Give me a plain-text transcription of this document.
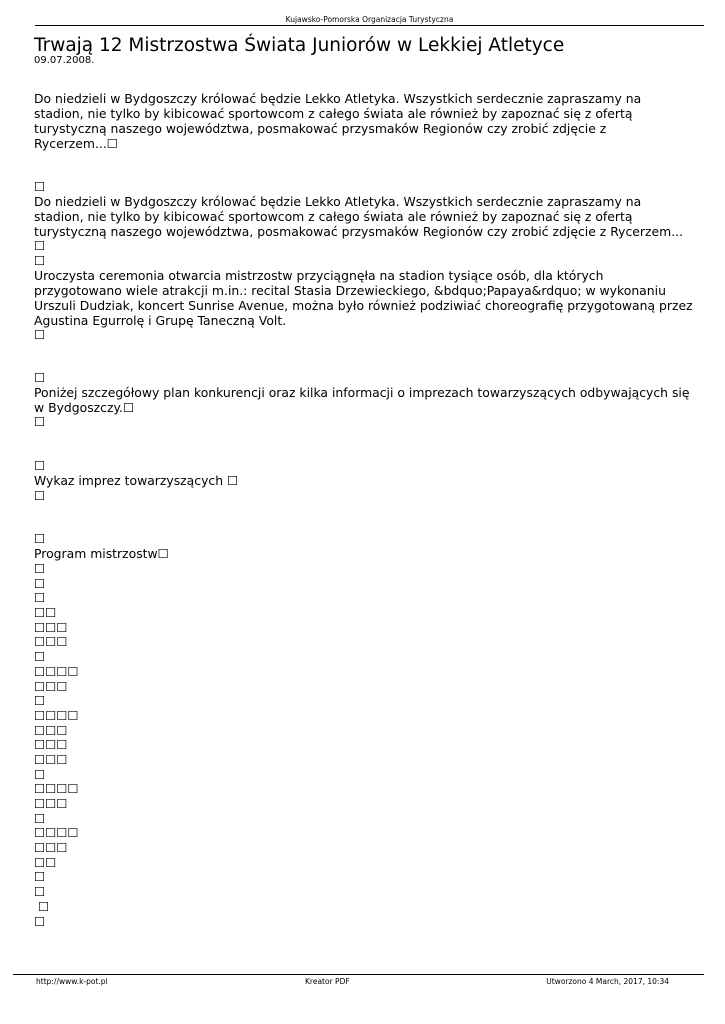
Kujawsko-Pomorska Organizacja Turystyczna
Trwają 12 Mistrzostwa Świata Juniorów w Lekkiej Atletyce
09.07.2008.

Do niedzieli w Bydgoszczy królować będzie Lekko Atletyka. Wszystkich serdecznie zapraszamy na stadion, nie tylko by kibicować sportowcom z całego świata ale również by zapoznać się z ofertą turystyczną naszego województwa, posmakować przysmaków Regionów czy zrobić zdjęcie z Rycerzem...☐

☐

Do niedzieli w Bydgoszczy królować będzie Lekko Atletyka. Wszystkich serdecznie zapraszamy na stadion, nie tylko by kibicować sportowcom z całego świata ale również by zapoznać się z ofertą turystyczną naszego województwa, posmakować przysmaków Regionów czy zrobić zdjęcie z Rycerzem...

☐

☐

Uroczysta ceremonia otwarcia mistrzostw przyciągnęła na stadion tysiące osób, dla których przygotowano wiele atrakcji m.in.: recital Stasia Drzewieckiego, &bdquo;Papaya&rdquo; w wykonaniu Urszuli Dudziak, koncert Sunrise Avenue, można było również podziwiać choreografię przygotowaną przez Agustina Egurrolę i Grupę Taneczną Volt.

☐

☐

Poniżej szczegółowy plan konkurencji oraz kilka informacji o imprezach towarzyszących odbywających się w Bydgoszczy.☐

☐

☐

Wykaz imprez towarzyszących ☐

☐

☐

Program mistrzostw☐

☐
☐
☐
☐☐
☐☐☐
☐☐☐
☐
☐☐☐☐
☐☐☐
☐
☐☐☐☐
☐☐☐
☐☐☐
☐☐☐
☐
☐☐☐☐
☐☐☐
☐
☐☐☐☐
☐☐☐
☐☐
☐
☐
☐
☐
http://www.k-pot.pl	Kreator PDF	Utworzono 4 March, 2017, 10:34
